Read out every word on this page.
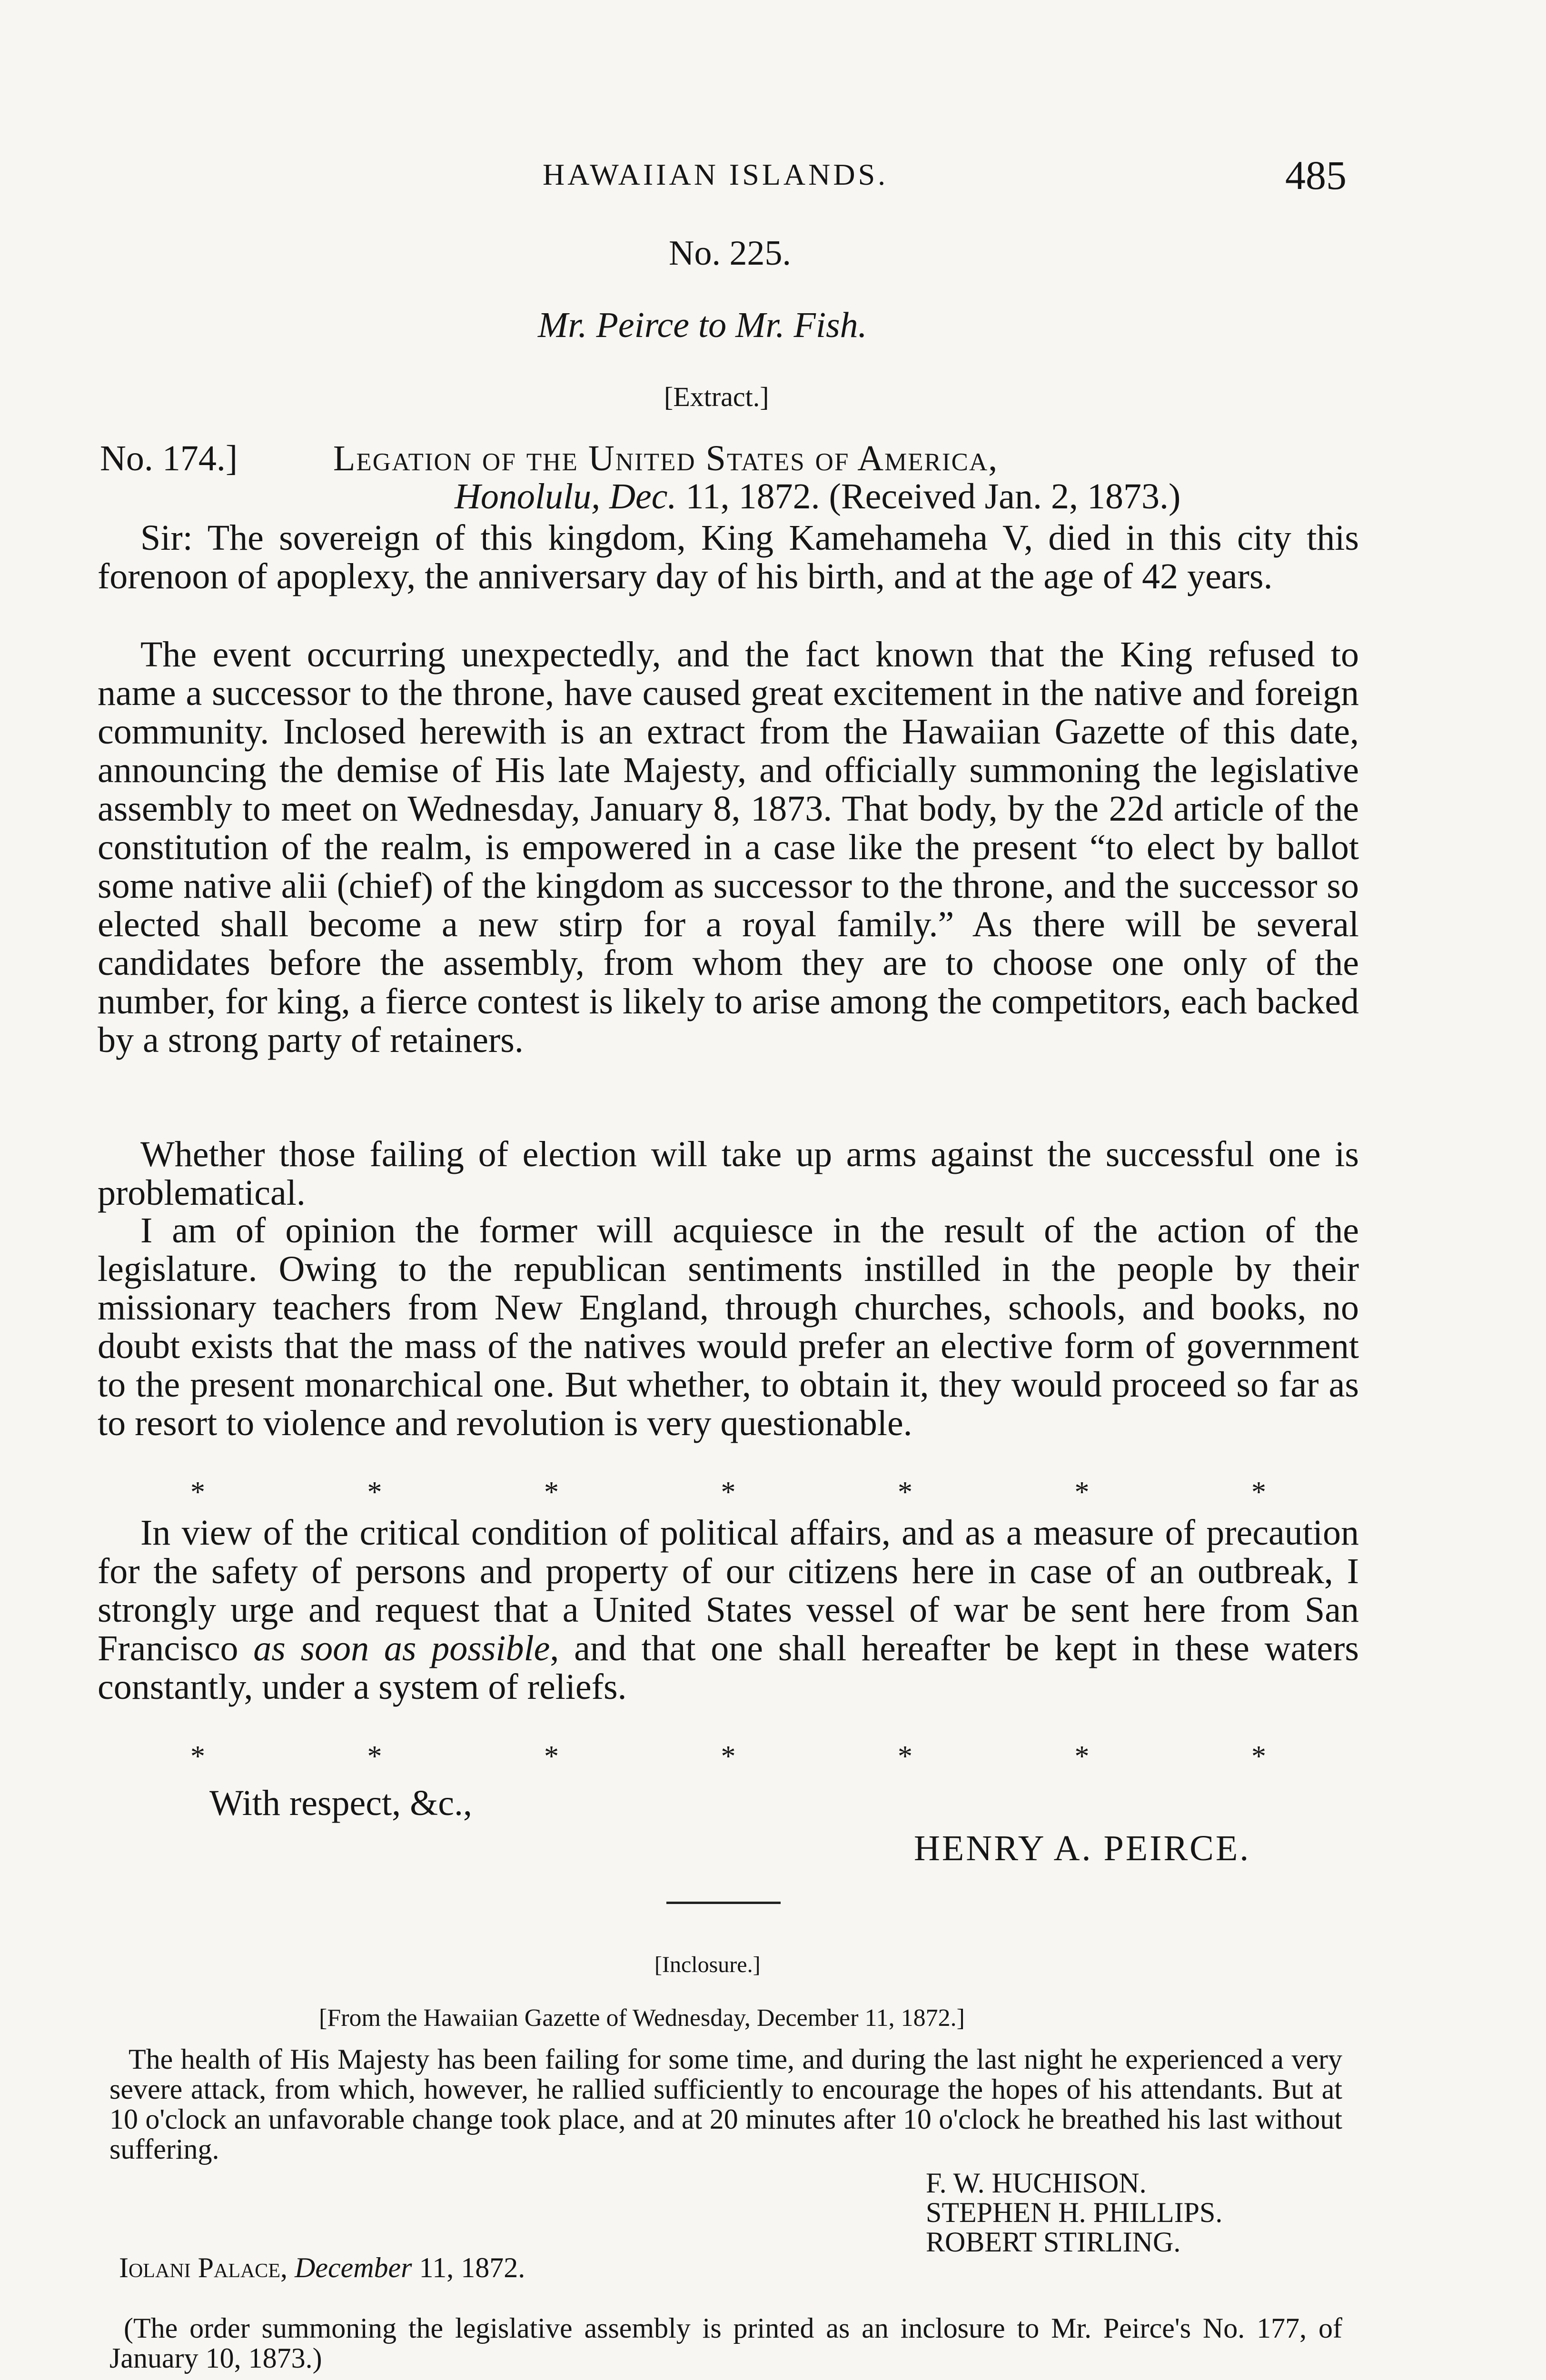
HAWAIIAN ISLANDS.	485
No. 225.
Mr. Peirce to Mr. Fish.
[Extract.]
No. 174.]	Legation of the United States of America,
Honolulu, Dec. 11, 1872. (Received Jan. 2, 1873.)

Sir: The sovereign of this kingdom, King Kamehameha V, died in this city this forenoon of apoplexy, the anniversary day of his birth, and at the age of 42 years.

The event occurring unexpectedly, and the fact known that the King refused to name a successor to the throne, have caused great excitement in the native and foreign community. Inclosed herewith is an extract from the Hawaiian Gazette of this date, announcing the demise of His late Majesty, and officially summoning the legislative assembly to meet on Wednesday, January 8, 1873. That body, by the 22d article of the constitution of the realm, is empowered in a case like the present “to elect by ballot some native alii (chief) of the kingdom as successor to the throne, and the successor so elected shall become a new stirp for a royal family.” As there will be several candidates before the assembly, from whom they are to choose one only of the number, for king, a fierce contest is likely to arise among the competitors, each backed by a strong party of retainers.

Whether those failing of election will take up arms against the successful one is problematical.

I am of opinion the former will acquiesce in the result of the action of the legislature. Owing to the republican sentiments instilled in the people by their missionary teachers from New England, through churches, schools, and books, no doubt exists that the mass of the natives would prefer an elective form of government to the present monarchical one. But whether, to obtain it, they would proceed so far as to resort to violence and revolution is very questionable.

*	*	*	*	*	*	*

In view of the critical condition of political affairs, and as a measure of precaution for the safety of persons and property of our citizens here in case of an outbreak, I strongly urge and request that a United States vessel of war be sent here from San Francisco as soon as possible, and that one shall hereafter be kept in these waters constantly, under a system of reliefs.

*	*	*	*	*	*	*
With respect, &c.,
HENRY A. PEIRCE.
[Inclosure.]
[From the Hawaiian Gazette of Wednesday, December 11, 1872.]

The health of His Majesty has been failing for some time, and during the last night he experienced a very severe attack, from which, however, he rallied sufficiently to encourage the hopes of his attendants. But at 10 o'clock an unfavorable change took place, and at 20 minutes after 10 o'clock he breathed his last without suffering.

F. W. HUCHISON.
STEPHEN H. PHILLIPS.
ROBERT STIRLING.
Iolani Palace, December 11, 1872.

(The order summoning the legislative assembly is printed as an inclosure to Mr. Peirce's No. 177, of January 10, 1873.)
